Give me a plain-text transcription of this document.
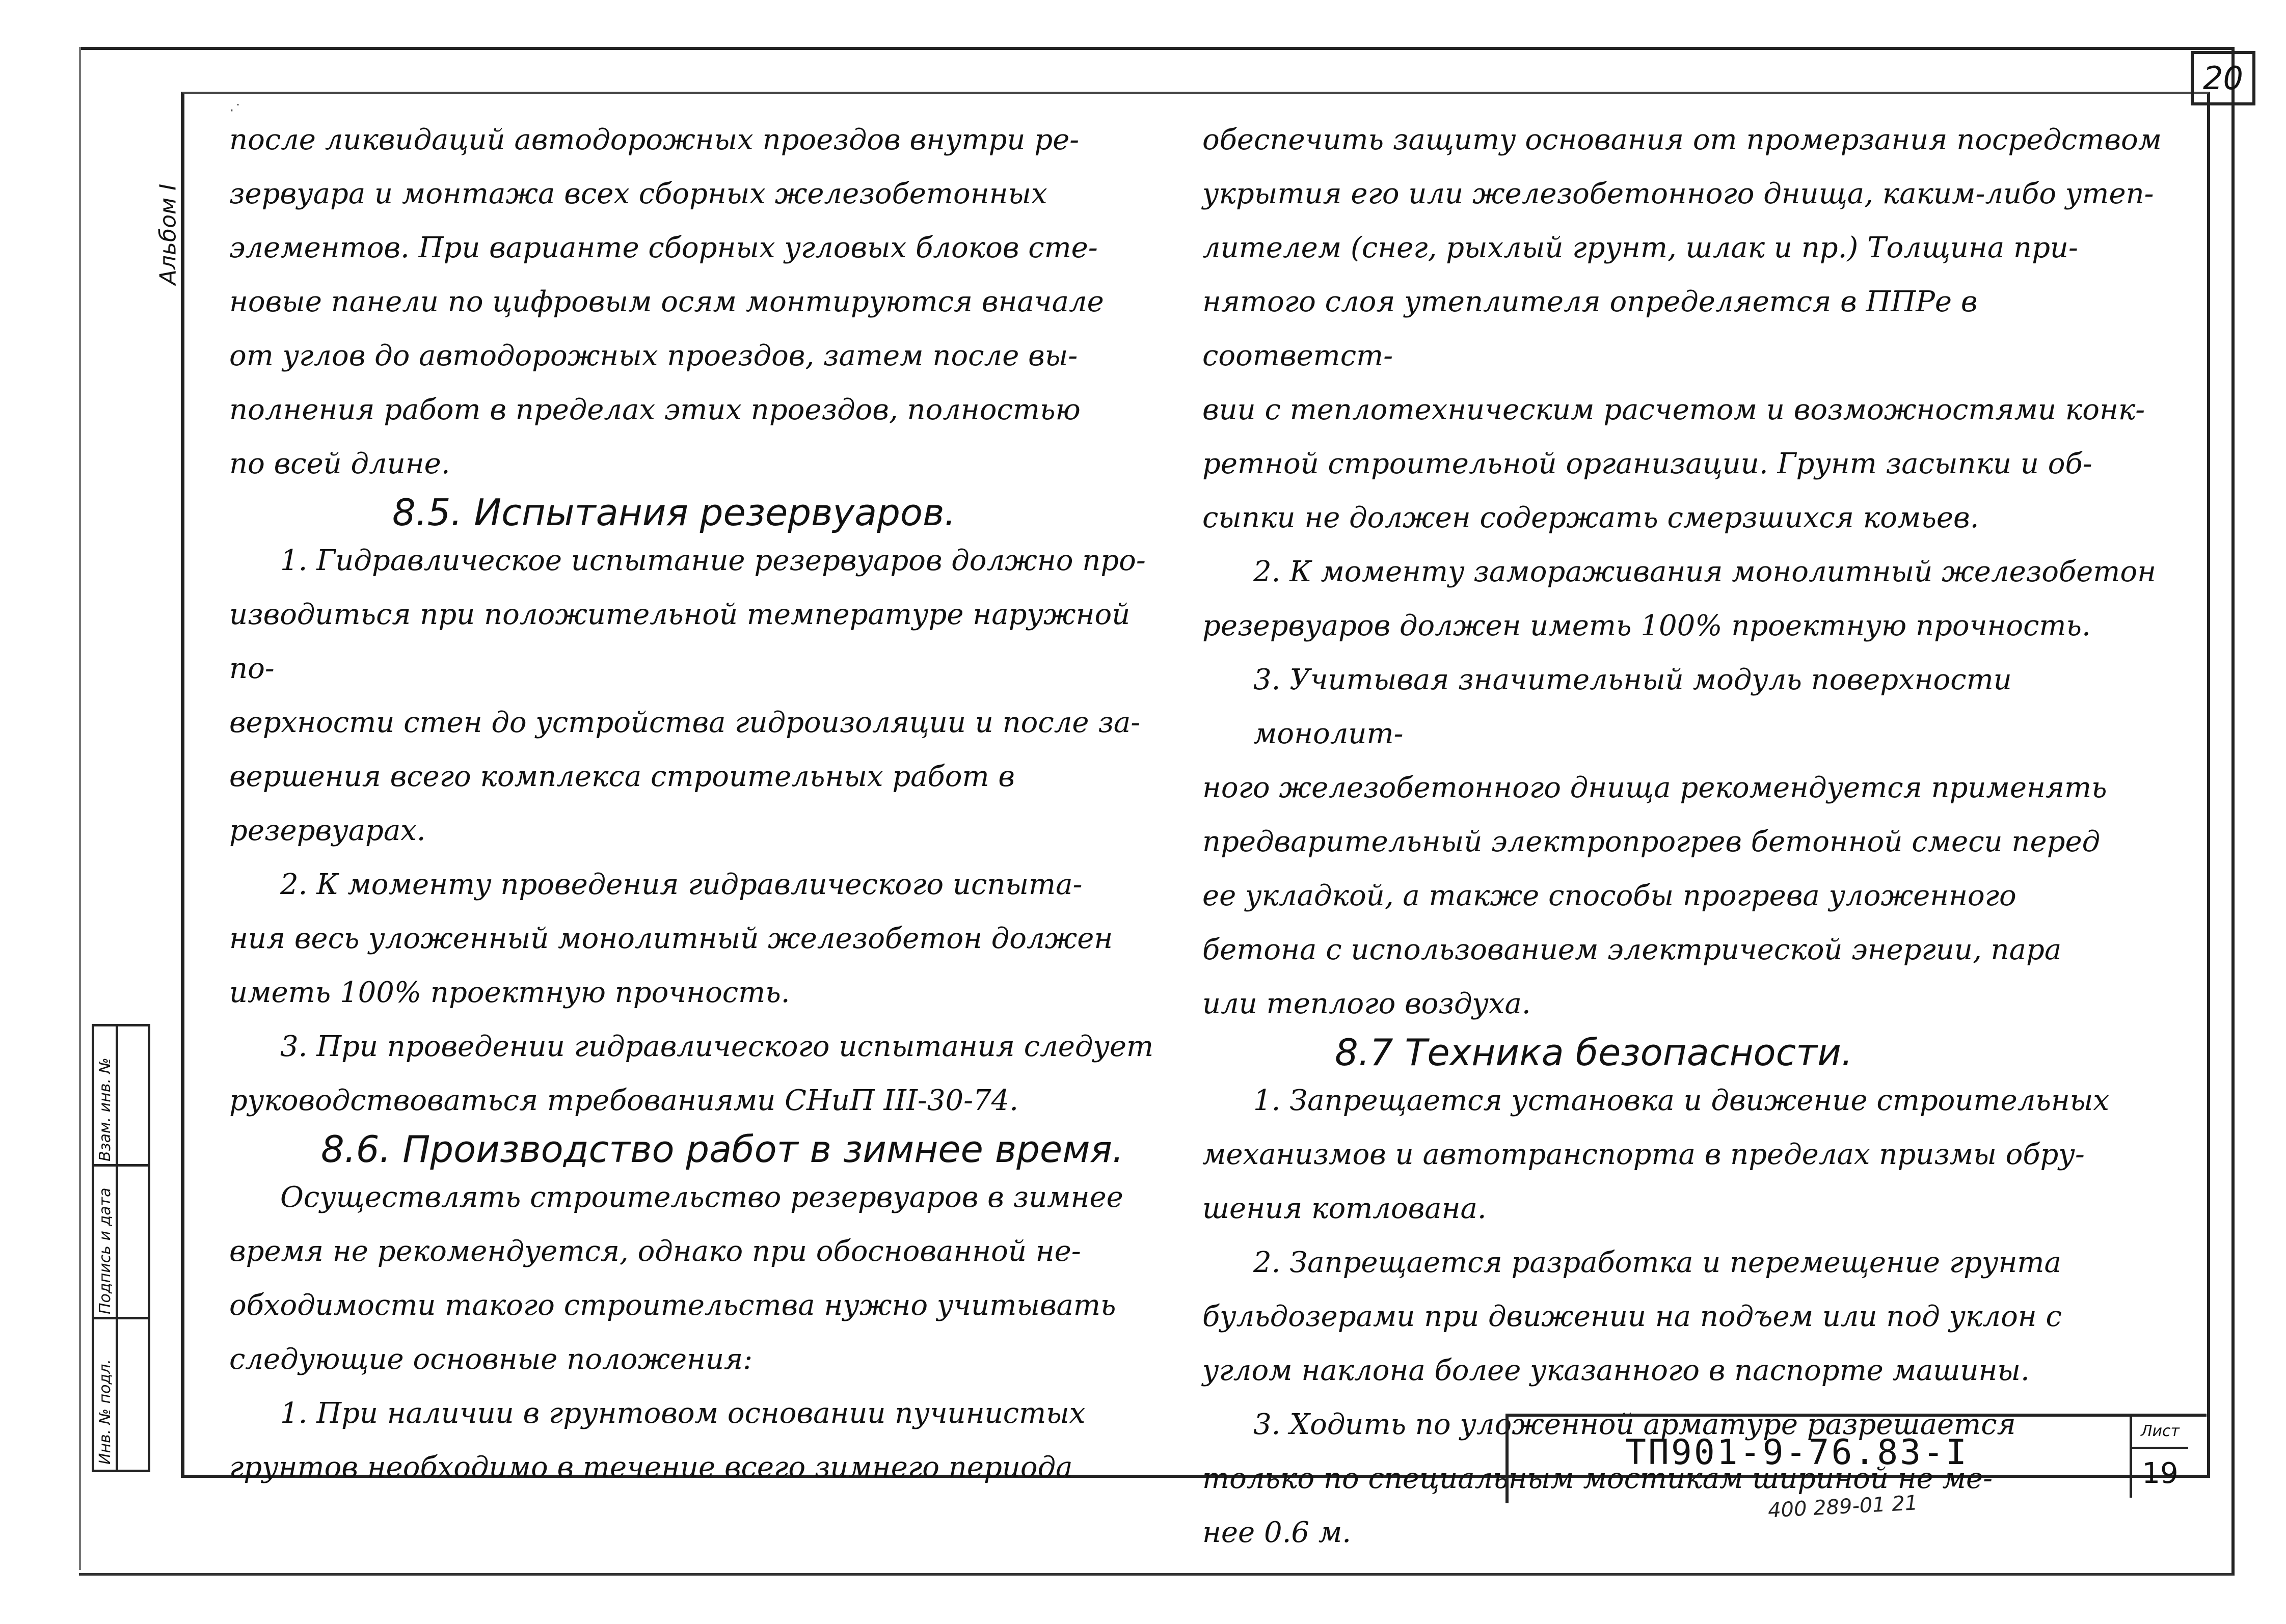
·˙
20
Альбом I
Инв. № подл.
Подпись и дата
Взам. инв. №

после ликвидаций автодорожных проездов внутри ре-

зервуара и монтажа всех сборных железобетонных

элементов. При варианте сборных угловых блоков сте-

новые панели по цифровым осям монтируются вначале

от углов до автодорожных проездов, затем после вы-

полнения работ в пределах этих проездов, полностью

по всей длине.

8.5. Испытания резервуаров.

1. Гидравлическое испытание резервуаров должно про-

изводиться при положительной температуре наружной по-

верхности стен до устройства гидроизоляции и после за-

вершения всего комплекса строительных работ в

резервуарах.

2. К моменту проведения гидравлического испыта-

ния весь уложенный монолитный железобетон должен

иметь 100% проектную прочность.

3. При проведении гидравлического испытания следует

руководствоваться требованиями СНиП III-30-74.

8.6. Производство работ в зимнее время.

Осуществлять строительство резервуаров в зимнее

время не рекомендуется, однако при обоснованной не-

обходимости такого строительства нужно учитывать

следующие основные положения:

1. При наличии в грунтовом основании пучинистых

грунтов необходимо в течение всего зимнего периода

обеспечить защиту основания от промерзания посредством

укрытия его или железобетонного днища, каким-либо утеп-

лителем (снег, рыхлый грунт, шлак и пр.) Толщина при-

нятого слоя утеплителя определяется в ППРе в соответст-

вии с теплотехническим расчетом и возможностями конк-

ретной строительной организации. Грунт засыпки и об-

сыпки не должен содержать смерзшихся комьев.

2. К моменту замораживания монолитный железобетон

резервуаров должен иметь 100% проектную прочность.

3. Учитывая значительный модуль поверхности монолит-

ного железобетонного днища рекомендуется применять

предварительный электропрогрев бетонной смеси перед

ее укладкой, а также способы прогрева уложенного

бетона с использованием электрической энергии, пара

или теплого воздуха.

8.7 Техника безопасности.

1. Запрещается установка и движение строительных

механизмов и автотранспорта в пределах призмы обру-

шения котлована.

2. Запрещается разработка и перемещение грунта

бульдозерами при движении на подъем или под уклон с

углом наклона более указанного в паспорте машины.

3. Ходить по уложенной арматуре разрешается

только по специальным мостикам шириной не ме-

нее 0.6 м.

ТП901-9-76.83-I
Лист
19
400 289-01 21
